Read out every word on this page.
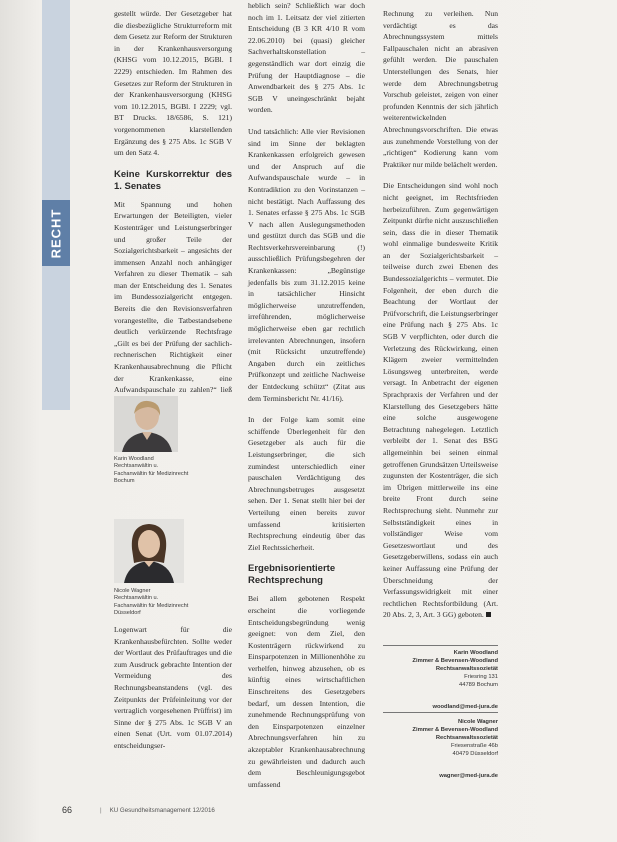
RECHT

gestellt würde. Der Gesetzgeber hat die diesbezügliche Strukturreform mit dem Gesetz zur Reform der Strukturen in der Krankenhausversorgung (KHSG vom 10.12.2015, BGBl. I 2229) entschieden. Im Rahmen des Gesetzes zur Reform der Strukturen in der Krankenhausversorgung (KHSG vom 10.12.2015, BGBl. I 2229; vgl. BT Drucks. 18/6586, S. 121) vorgenommenen klarstellenden Ergänzung des § 275 Abs. 1c SGB V um den Satz 4.

Keine Kurskorrektur des 1. Senates

Mit Spannung und hohen Erwartungen der Beteiligten, vieler Kostenträger und Leistungserbringer und großer Teile der Sozialgerichtsbarkeit – angesichts der immensen Anzahl noch anhängiger Verfahren zu dieser Thematik – sah man der Entscheidung des 1. Senates im Bundessozialgericht entgegen. Bereits die den Revisionsverfahren vorangestellte, die Tatbestandsebene deutlich verkürzende Rechtsfrage „Gilt es bei der Prüfung der sachlich-rechnerischen Richtigkeit einer Krankenhausabrechnung die Pflicht der Krankenkasse, eine Aufwandspauschale zu zahlen?“ ließ

Karin Woodland
Rechtsanwältin u.
Fachanwältin für Medizinrecht
Bochum
Nicole Wagner
Rechtsanwältin u.
Fachanwältin für Medizinrecht
Düsseldorf

Logenwart für die Krankenhausbefürchten. Sollte weder der Wortlaut des Prüfauftrages und die zum Ausdruck gebrachte Intention der Vermeidung des Rechnungsbeanstandens (vgl. des Zeitpunkts der Prüfeinleitung vor der vertraglich vorgesehenen Prüffrist) im Sinne der § 275 Abs. 1c SGB V an einen Senat (Urt. vom 01.07.2014) entscheidungser-

heblich sein? Schließlich war doch noch im 1. Leitsatz der viel zitierten Entscheidung (B 3 KR 4/10 R vom 22.06.2010) bei (quasi) gleicher Sachverhaltskonstellation – gegenständlich war dort einzig die Prüfung der Hauptdiagnose – die Anwendbarkeit des § 275 Abs. 1c SGB V uneingeschränkt bejaht worden.

Und tatsächlich: Alle vier Revisionen sind im Sinne der beklagten Krankenkassen erfolgreich gewesen und der Anspruch auf die Aufwandspauschale wurde – in Kontradiktion zu den Vorinstanzen – nicht bestätigt. Nach Auffassung des 1. Senates erfasse § 275 Abs. 1c SGB V nach allen Auslegungsmethoden und gestützt durch das SGB und die Rechtsverkehrsvereinbarung (!) ausschließlich Prüfungsbegehren der Krankenkassen: „Begünstige jedenfalls bis zum 31.12.2015 keine in tatsächlicher Hinsicht möglicherweise unzutreffenden, irreführenden, möglicherweise möglicherweise eben gar rechtlich irrelevanten Abrechnungen, insofern (mit Rücksicht unzutreffende) Angaben durch ein zeitliches Prüfkonzept und zeitliche Nachweise der Entdeckung schützt“ (Zitat aus dem Terminsbericht Nr. 41/16).

In der Folge kam somit eine schiffende Überlegenheit für den Gesetzgeber als auch für die Leistungserbringer, die sich zumindest unterschiedlich einer pauschalen Verdächtigung des Abrechnungsbetruges ausgesetzt sehen. Der 1. Senat stellt hier bei der Verteilung einen bereits zuvor umfassend kritisierten Rechtsprechung eindeutig über das Ziel Rechtssicherheit.

Ergebnisorientierte Rechtsprechung

Bei allem gebotenen Respekt erscheint die vorliegende Entscheidungsbegründung wenig geeignet: von dem Ziel, den Kostenträgern rückwirkend zu Einsparpotenzen in Millionenhöhe zu verhelfen, hinweg abzusehen, ob es künftig eines wirtschaftlichen Einschreitens des Gesetzgebers bedarf, um dessen Intention, die zunehmende Rechnungsprüfung von den Einsparpotenzen einzelner Abrechnungsverfahren hin zu akzeptabler Krankenhausabrechnung zu gewährleisten und dadurch auch dem Beschleunigungsgebot umfassend

Rechnung zu verleihen. Nun verdächtigt es das Abrechnungssystem mittels Fallpauschalen nicht an abrasiven gefühlt werden. Die pauschalen Unterstellungen des Senats, hier werde dem Abrechnungsbetrug Vorschub geleistet, zeigen von einer profunden Kenntnis der sich jährlich weiterentwickelnden Abrechnungsvorschriften. Die etwas aus zunehmende Vorstellung von der „richtigen“ Kodierung kann vom Praktiker nur milde belächelt werden.

Die Entscheidungen sind wohl noch nicht geeignet, im Rechtsfrieden herbeizuführen. Zum gegenwärtigen Zeitpunkt dürfte nicht auszuschließen sein, dass die in dieser Thematik wohl einmalige bundesweite Kritik an der Sozialgerichtsbarkeit – teilweise durch zwei Ebenen des Bundessozialgerichts – vermutet. Die Folgenheit, der eben durch die Beachtung der Wortlaut der Prüfvorschrift, die Leistungserbringer eine Prüfung nach § 275 Abs. 1c SGB V verpflichten, oder durch die Verletzung des Rückwirkung, einen Klägern zweier vermittelnden Lösungsweg unterbreiten, werde versagt. In Anbetracht der eigenen Sprachpraxis der Verfahren und der Klarstellung des Gesetzgebers hätte eine solche ausgewogene Betrachtung nahegelegen. Letztlich verbleibt der 1. Senat des BSG allgemeinhin bei seinen einmal getroffenen Grundsätzen Urteilsweise zugunsten der Kostenträger, die sich im Übrigen mittlerweile ins eine breite Front durch seine Rechtsprechung sieht. Nunmehr zur Selbstständigkeit eines in vollständiger Weise vom Gesetzeswortlaut und des Gesetzgeberwillens, sodass ein auch keiner Auffassung eine Prüfung der Überschneidung der Verfassungswidrigkeit mit einer rechtlichen Rechtsfortbildung (Art. 20 Abs. 2, 3, Art. 3 GG) geboten.

Karin Woodland
Zimmer & Bevensen-Woodland
Rechtsanwaltssozietät
Friesring 131
44789 Bochum
woodland@med-jura.de
Nicole Wagner
Zimmer & Bevensen-Woodland
Rechtsanwaltssozietät
Friesenstraße 46b
40479 Düsseldorf
wagner@med-jura.de
66	| KU Gesundheitsmanagement 12/2016
